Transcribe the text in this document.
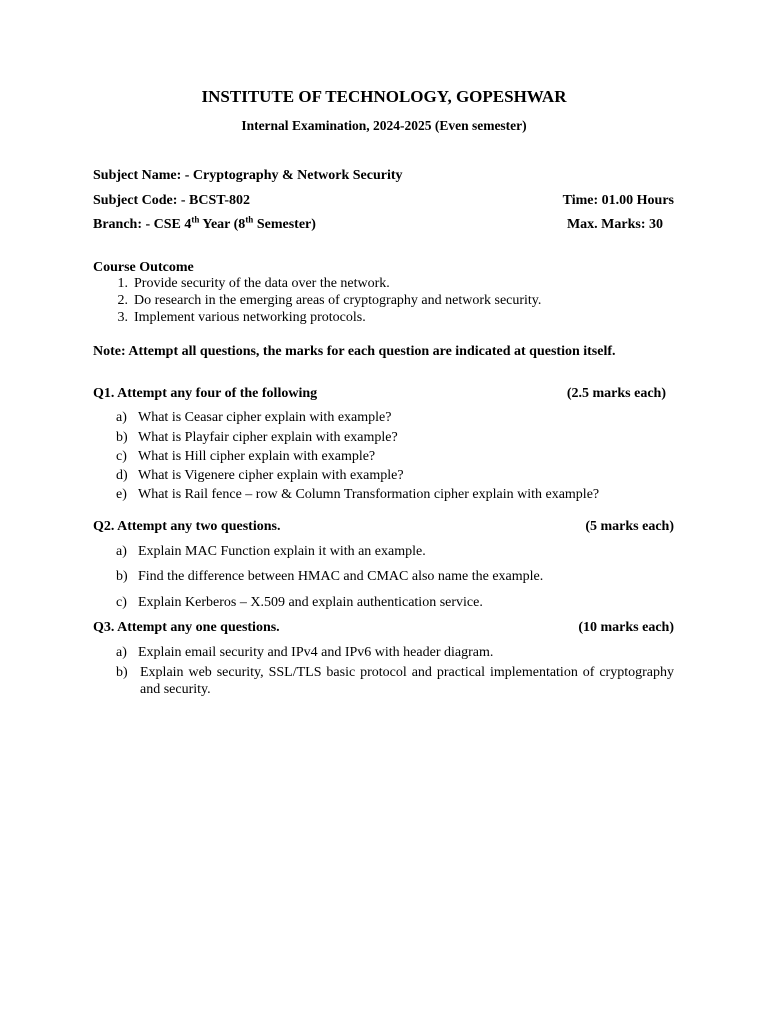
INSTITUTE OF TECHNOLOGY, GOPESHWAR
Internal Examination, 2024-2025 (Even semester)
Subject Name: - Cryptography & Network Security
Subject Code: - BCST-802	Time: 01.00 Hours
Branch: - CSE 4th Year (8th Semester)	Max. Marks: 30
Course Outcome
1. Provide security of the data over the network.
2. Do research in the emerging areas of cryptography and network security.
3. Implement various networking protocols.
Note: Attempt all questions, the marks for each question are indicated at question itself.
Q1. Attempt any four of the following	(2.5 marks each)
a) What is Ceasar cipher explain with example?
b) What is Playfair cipher explain with example?
c) What is Hill cipher explain with example?
d) What is Vigenere cipher explain with example?
e) What is Rail fence – row & Column Transformation cipher explain with example?
Q2. Attempt any two questions.	(5 marks each)
a) Explain MAC Function explain it with an example.
b) Find the difference between HMAC and CMAC also name the example.
c) Explain Kerberos – X.509 and explain authentication service.
Q3. Attempt any one questions.	(10 marks each)
a) Explain email security and IPv4 and IPv6 with header diagram.
b) Explain web security, SSL/TLS basic protocol and practical implementation of cryptography and security.
